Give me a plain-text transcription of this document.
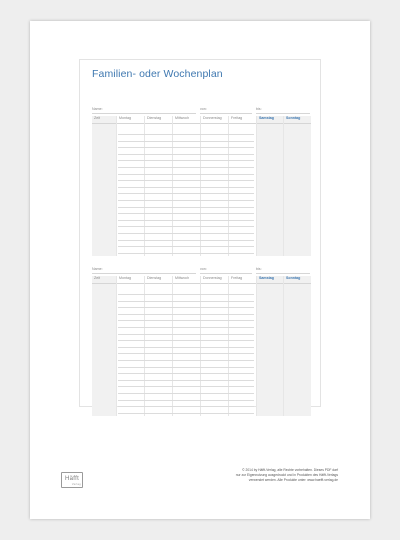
Familien- oder Wochenplan
Name:	von:	bis:
Zeit	Montag	Dienstag	Mittwoch	Donnerstag	Freitag	Samstag	Sonntag
Name:	von:	bis:
Zeit	Montag	Dienstag	Mittwoch	Donnerstag	Freitag	Samstag	Sonntag
Häfft
Verlag
© 2014 by Häfft-Verlag, alle Rechte vorbehalten. Dieses PDF darf
nur zur Eigennutzung ausgedruckt und in Produkten des Häfft-Verlags
verwendet werden. Alle Produkte unter: www.haefft-verlag.de
